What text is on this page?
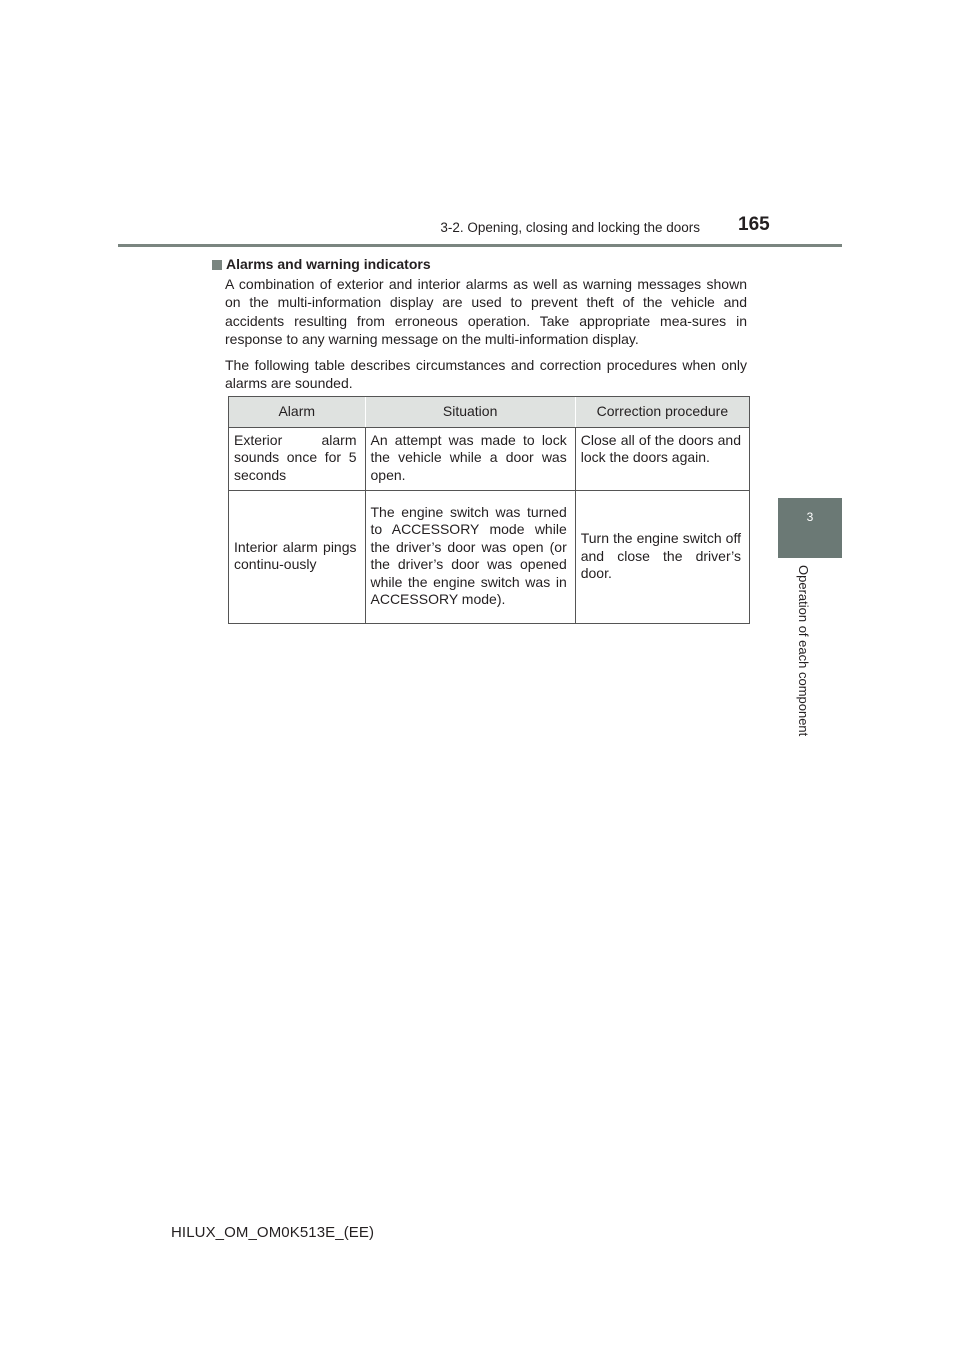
3-2. Opening, closing and locking the doors 165
3
Operation of each component
Alarms and warning indicators

A combination of exterior and interior alarms as well as warning messages shown on the multi-information display are used to prevent theft of the vehicle and accidents resulting from erroneous operation. Take appropriate mea-sures in response to any warning message on the multi-information display.

The following table describes circumstances and correction procedures when only alarms are sounded.

Alarm	Situation	Correction procedure
Exterior alarm sounds once for 5 seconds	An attempt was made to lock the vehicle while a door was open.	Close all of the doors and lock the doors again.
Interior alarm pings continu-ously	The engine switch was turned to ACCESSORY mode while the driver’s door was open (or the driver’s door was opened while the engine switch was in ACCESSORY mode).	Turn the engine switch off and close the driver’s door.
HILUX_OM_OM0K513E_(EE)
